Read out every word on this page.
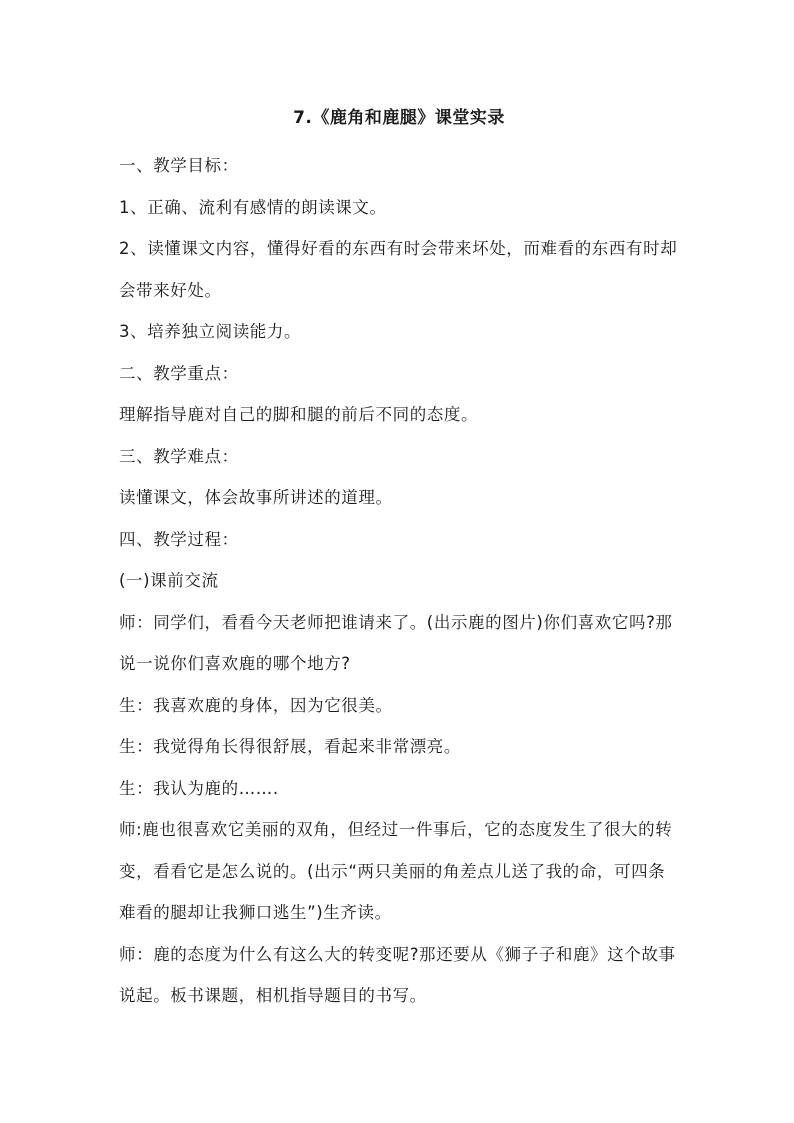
7.《鹿角和鹿腿》课堂实录

一、教学目标：

1、正确、流利有感情的朗读课文。

2、读懂课文内容，懂得好看的东西有时会带来坏处，而难看的东西有时却会带来好处。

3、培养独立阅读能力。

二、教学重点：

理解指导鹿对自己的脚和腿的前后不同的态度。

三、教学难点：

读懂课文，体会故事所讲述的道理。

四、教学过程：

(一)课前交流

师：同学们，看看今天老师把谁请来了。(出示鹿的图片)你们喜欢它吗?那说一说你们喜欢鹿的哪个地方?

生：我喜欢鹿的身体，因为它很美。

生：我觉得角长得很舒展，看起来非常漂亮。

生：我认为鹿的…….

师:鹿也很喜欢它美丽的双角，但经过一件事后，它的态度发生了很大的转变，看看它是怎么说的。(出示“两只美丽的角差点儿送了我的命，可四条难看的腿却让我狮口逃生”)生齐读。

师：鹿的态度为什么有这么大的转变呢?那还要从《狮子子和鹿》这个故事说起。板书课题，相机指导题目的书写。
